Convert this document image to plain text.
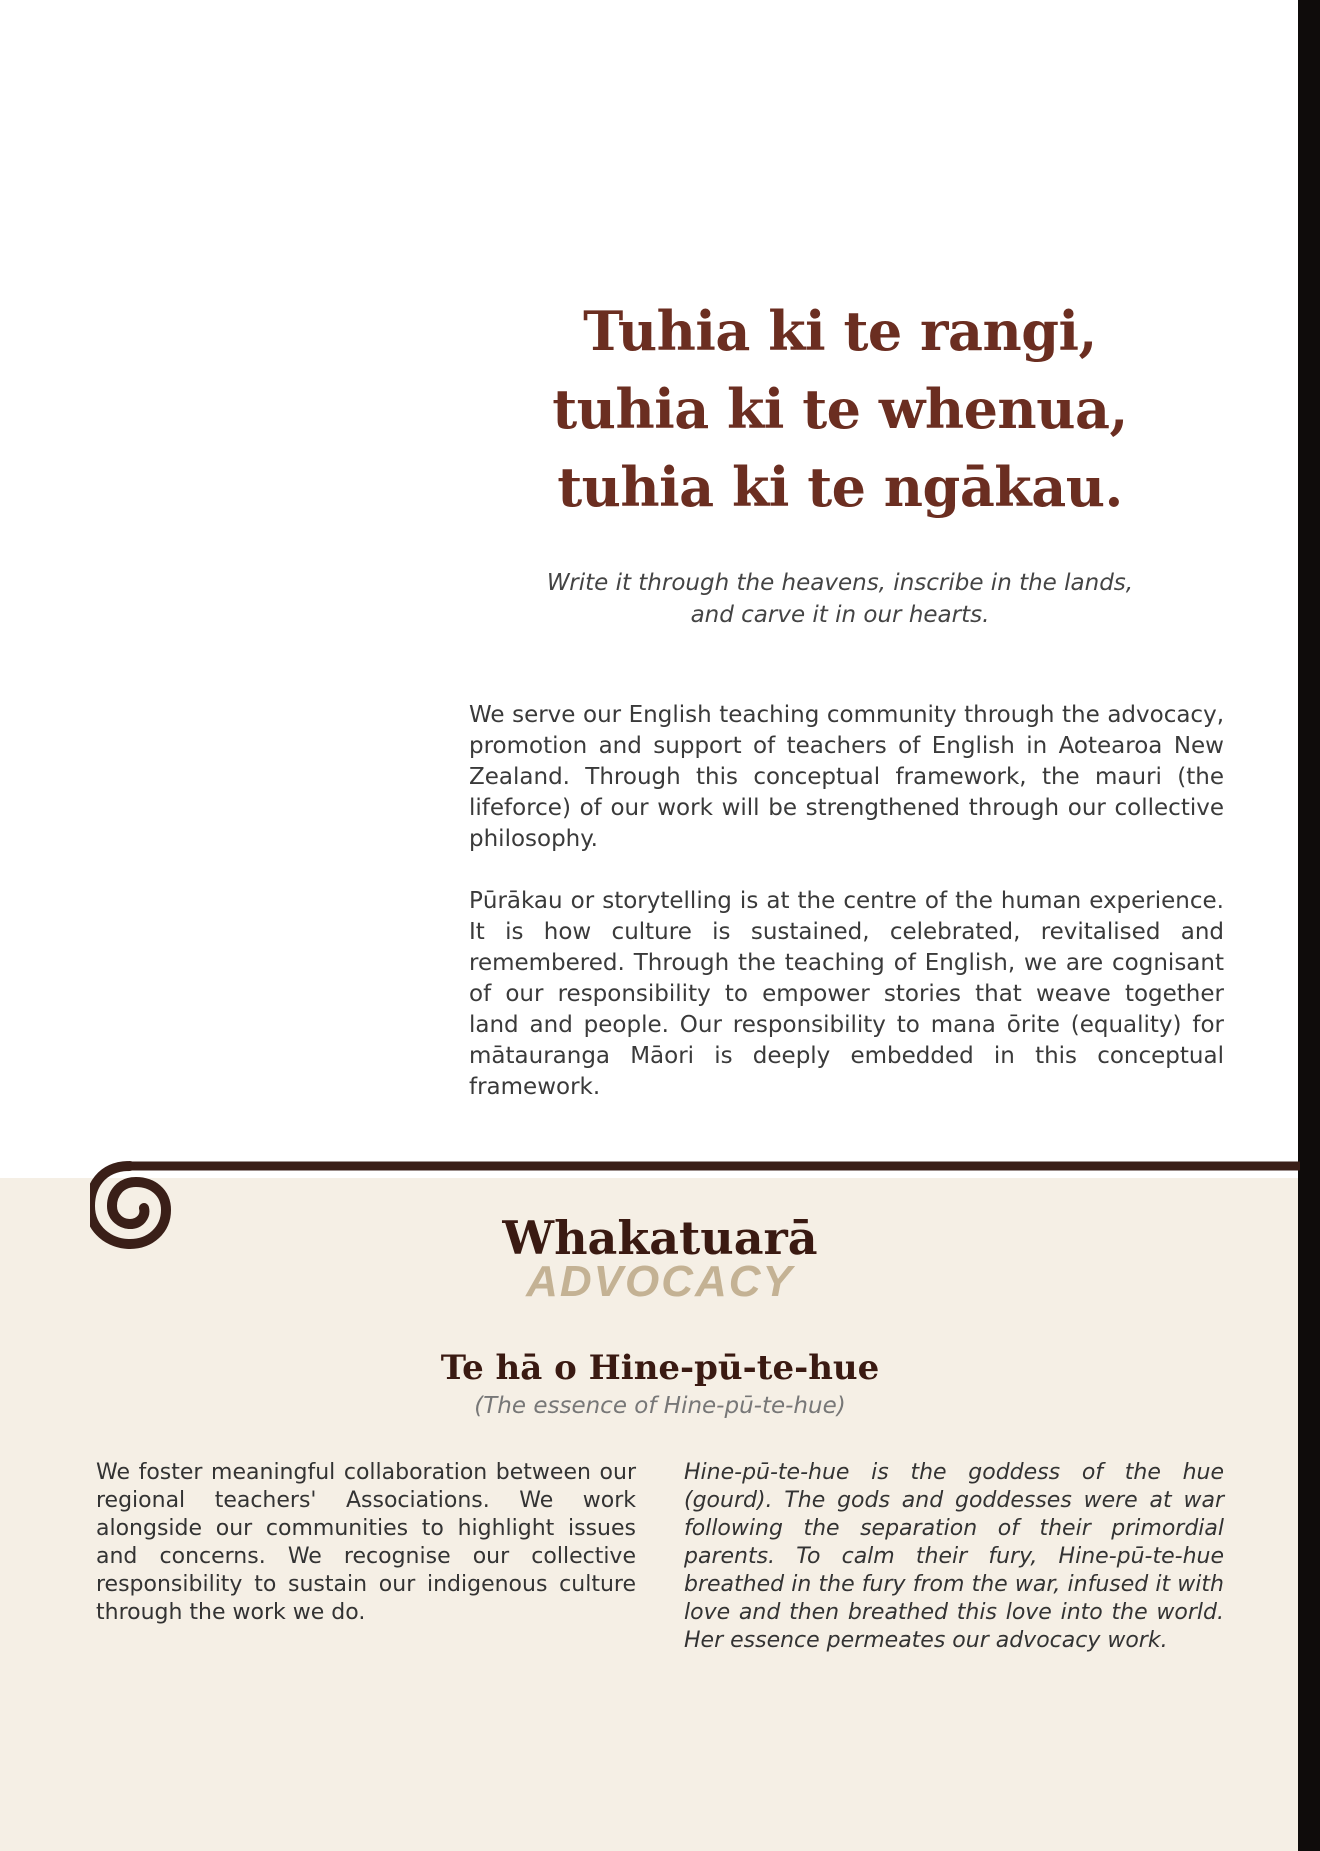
Tuhia ki te rangi,
tuhia ki te whenua,
tuhia ki te ngākau.

Write it through the heavens, inscribe in the lands,
and carve it in our hearts.

We serve our English teaching community through the advocacy, promotion and support of teachers of English in Aotearoa New Zealand. Through this conceptual framework, the mauri (the lifeforce) of our work will be strengthened through our collective philosophy.

Pūrākau or storytelling is at the centre of the human experience. It is how culture is sustained, celebrated, revitalised and remembered. Through the teaching of English, we are cognisant of our responsibility to empower stories that weave together land and people. Our responsibility to mana ōrite (equality) for mātauranga Māori is deeply embedded in this conceptual framework.

Whakatuarā
ADVOCACY
Te hā o Hine-pū-te-hue

(The essence of Hine-pū-te-hue)

We foster meaningful collaboration between our regional teachers' Associations. We work alongside our communities to highlight issues and concerns. We recognise our collective responsibility to sustain our indigenous culture through the work we do.

Hine-pū-te-hue is the goddess of the hue (gourd). The gods and goddesses were at war following the separation of their primordial parents. To calm their fury, Hine-pū-te-hue breathed in the fury from the war, infused it with love and then breathed this love into the world. Her essence permeates our advocacy work.
